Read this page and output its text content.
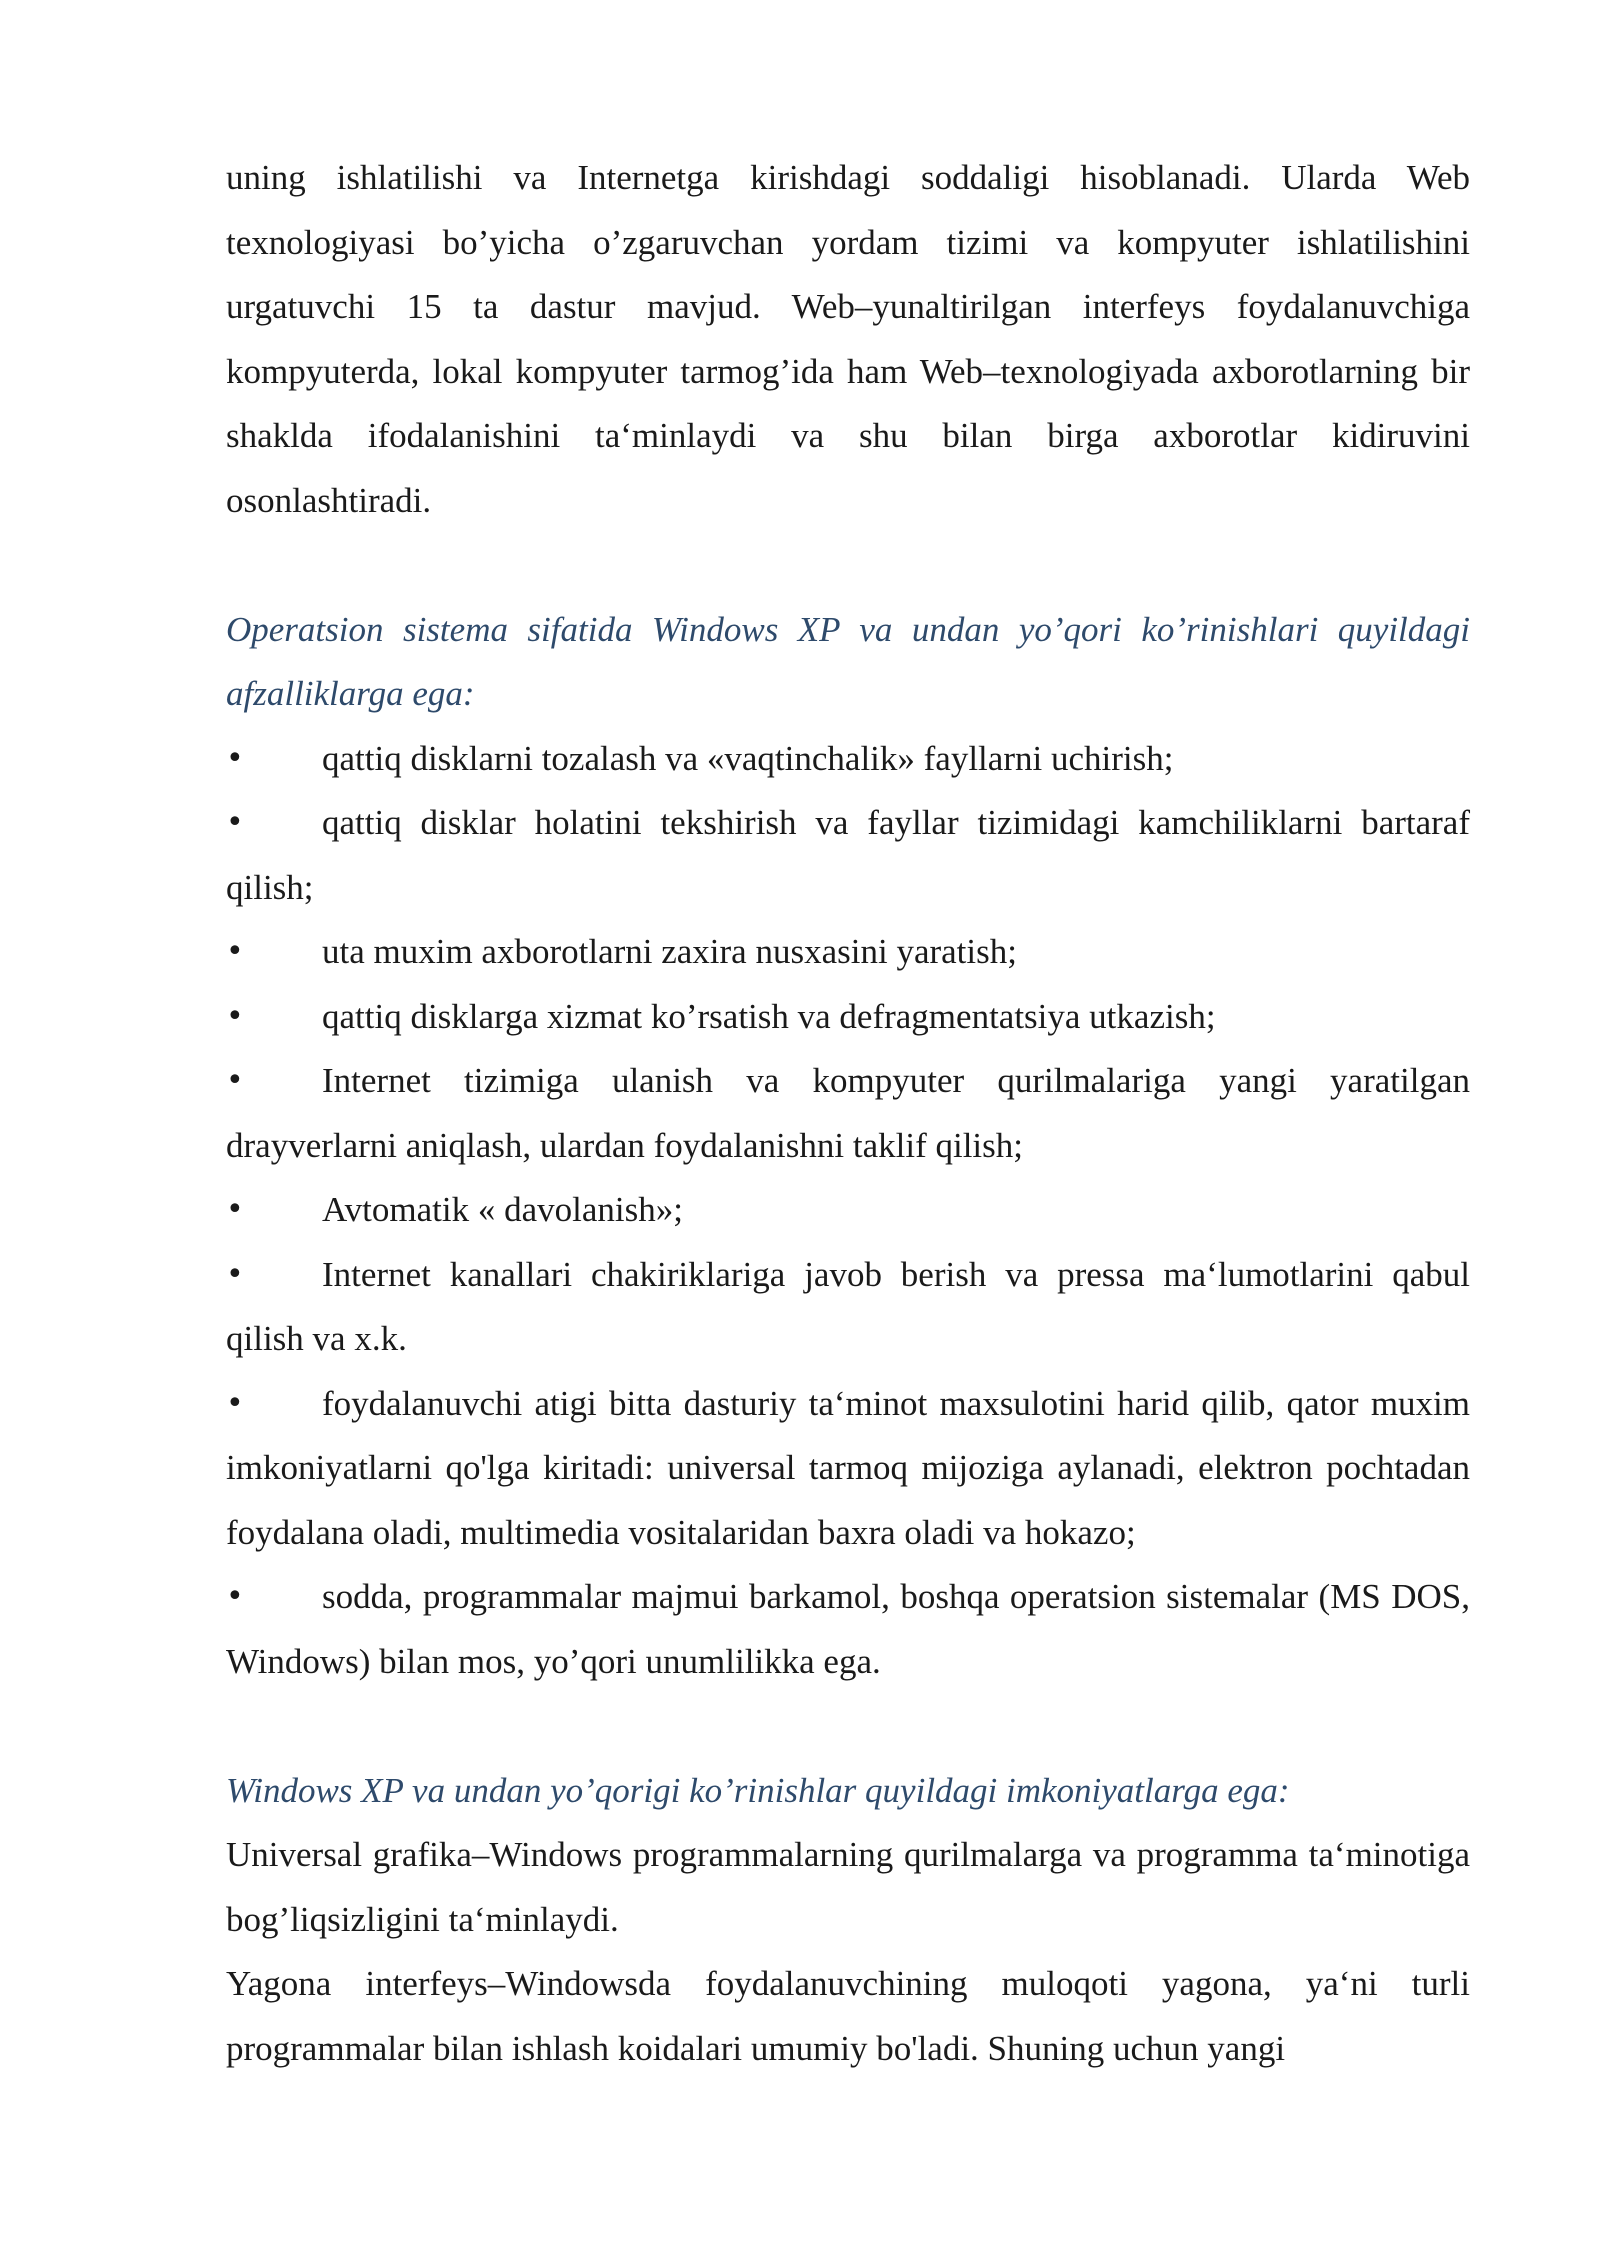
uning ishlatilishi va Internetga kirishdagi soddaligi hisoblanadi. Ularda Web texnologiyasi bo’yicha o’zgaruvchan yordam tizimi va kompyuter ishlatilishini urgatuvchi 15 ta dastur mavjud. Web–yunaltirilgan interfeys foydalanuvchiga kompyuterda, lokal kompyuter tarmog’ida ham Web–texnologiyada axborotlarning bir shaklda ifodalanishini ta‘minlaydi va shu bilan birga axborotlar kidiruvini osonlashtiradi.

Operatsion sistema sifatida Windows XP va undan yo’qori ko’rinishlari quyildagi afzalliklarga ega:

•	qattiq disklarni tozalash va «vaqtinchalik» fayllarni uchirish;
•	qattiq disklar holatini tekshirish va fayllar tizimidagi kamchiliklarni bartaraf qilish;
•	uta muxim axborotlarni zaxira nusxasini yaratish;
•	qattiq disklarga xizmat ko’rsatish va defragmentatsiya utkazish;
•	Internet tizimiga ulanish va kompyuter qurilmalariga yangi yaratilgan drayverlarni aniqlash, ulardan foydalanishni taklif qilish;
•	Avtomatik « davolanish»;
•	Internet kanallari chakiriklariga javob berish va pressa ma‘lumotlarini qabul qilish va x.k.
•	foydalanuvchi atigi bitta dasturiy ta‘minot maxsulotini harid qilib, qator muxim imkoniyatlarni qo'lga kiritadi: universal tarmoq mijoziga aylanadi, elektron pochtadan foydalana oladi, multimedia vositalaridan baxra oladi va hokazo;
•	sodda, programmalar majmui barkamol, boshqa operatsion sistemalar (MS DOS, Windows) bilan mos, yo’qori unumlilikka ega.

Windows XP va undan yo’qorigi ko’rinishlar quyildagi imkoniyatlarga ega:

Universal grafika–Windows programmalarning qurilmalarga va programma ta‘minotiga bog’liqsizligini ta‘minlaydi.

Yagona interfeys–Windowsda foydalanuvchining muloqoti yagona, ya‘ni turli programmalar bilan ishlash koidalari umumiy bo'ladi. Shuning uchun yangi
